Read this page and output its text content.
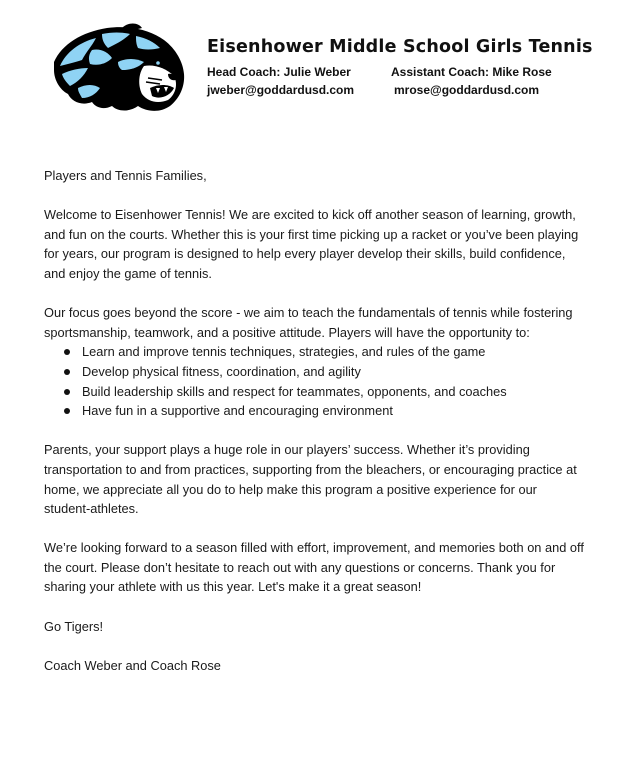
Eisenhower Middle School Girls Tennis
Head Coach: Julie Weber	Assistant Coach: Mike Rose
jweber@goddardusd.com	mrose@goddardusd.com

Players and Tennis Families,

Welcome to Eisenhower Tennis! We are excited to kick off another season of learning, growth, and fun on the courts. Whether this is your first time picking up a racket or you’ve been playing for years, our program is designed to help every player develop their skills, build confidence, and enjoy the game of tennis.

Our focus goes beyond the score - we aim to teach the fundamentals of tennis while fostering sportsmanship, teamwork, and a positive attitude. Players will have the opportunity to:

Learn and improve tennis techniques, strategies, and rules of the game
Develop physical fitness, coordination, and agility
Build leadership skills and respect for teammates, opponents, and coaches
Have fun in a supportive and encouraging environment

Parents, your support plays a huge role in our players’ success. Whether it’s providing transportation to and from practices, supporting from the bleachers, or encouraging practice at home, we appreciate all you do to help make this program a positive experience for our student-athletes.

We’re looking forward to a season filled with effort, improvement, and memories both on and off the court. Please don’t hesitate to reach out with any questions or concerns. Thank you for sharing your athlete with us this year. Let's make it a great season!

Go Tigers!

Coach Weber and Coach Rose
